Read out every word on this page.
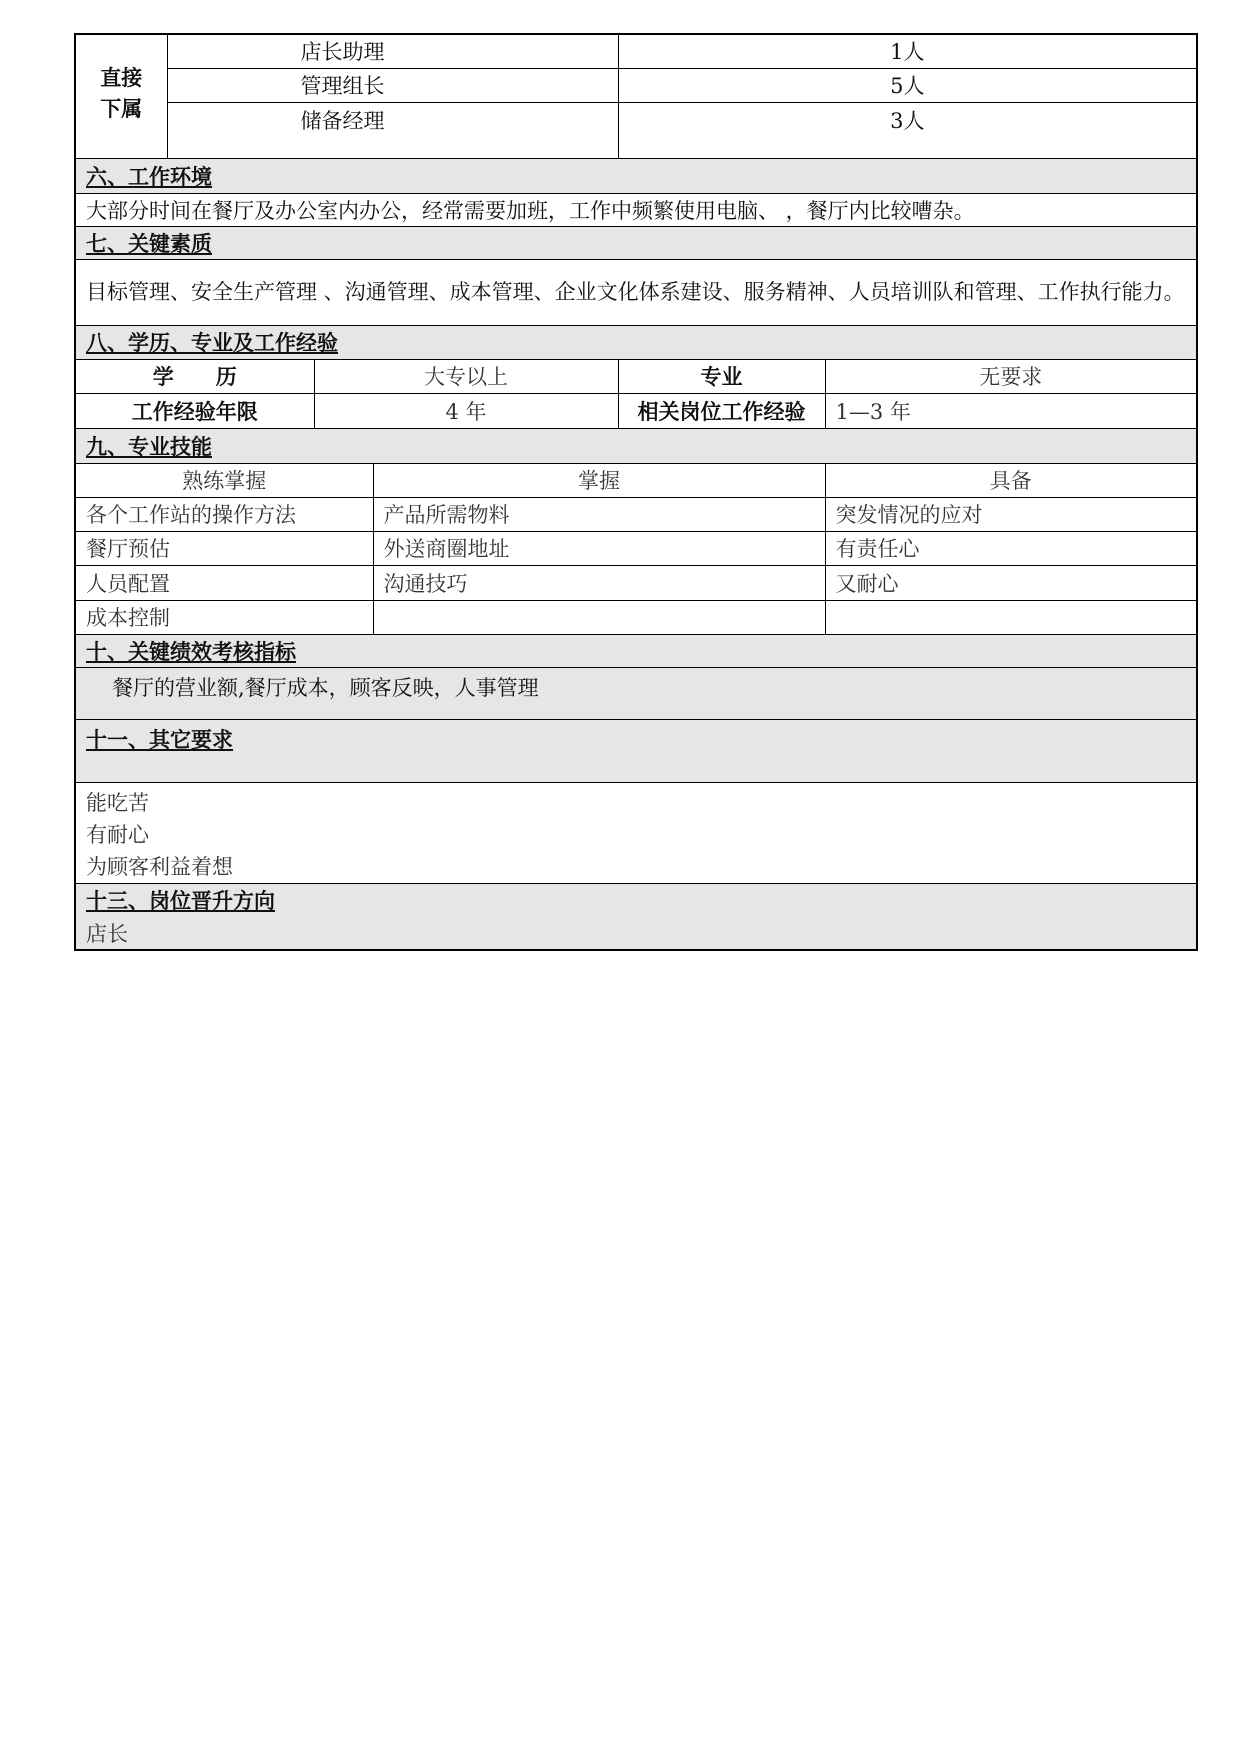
直接下属	店长助理			1人	
	管理组长			5人	
	储备经理			3人	
六、工作环境					
大部分时间在餐厅及办公室内办公，经常需要加班，工作中频繁使用电脑、 ，餐厅内比较嘈杂。					
七、关键素质					
目标管理、安全生产管理 、沟通管理、成本管理、企业文化体系建设、服务精神、人员培训队和管理、工作执行能力。					
八、学历、专业及工作经验					
学　　历		大专以上		专业	无要求
工作经验年限		4 年		相关岗位工作经验	1—3 年
九、专业技能					
熟练掌握			掌握		具备
各个工作站的操作方法			产品所需物料		突发情况的应对
餐厅预估			外送商圈地址		有责任心
人员配置			沟通技巧		又耐心
成本控制					
十、关键绩效考核指标					
餐厅的营业额,餐厅成本，顾客反映，人事管理					
十一、其它要求					

能吃苦
有耐心
为顾客利益着想					

十三、岗位晋升方向					
店长					
